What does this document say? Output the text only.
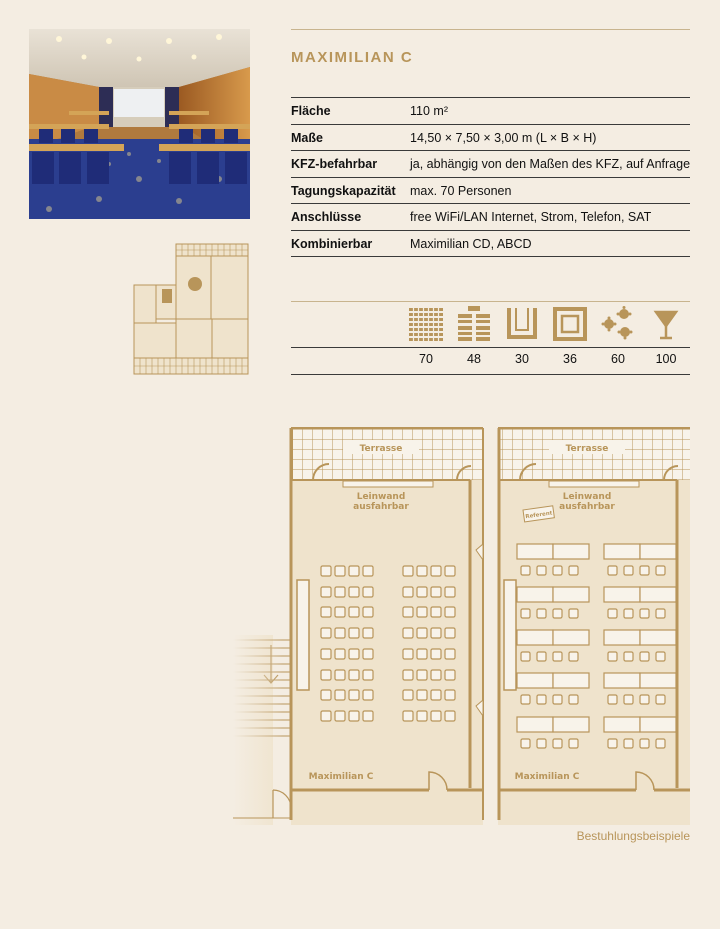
MAXIMILIAN C
Fläche	110 m²
Maße	14,50 × 7,50 × 3,00 m (L × B × H)
KFZ-befahrbar	ja, abhängig von den Maßen des KFZ, auf Anfrage
Tagungskapazität max. 70 Personen
Anschlüsse	free WiFi/LAN Internet, Strom, Telefon, SAT
Kombinierbar	Maximilian CD, ABCD
70	48	30	36	60	100
Terrasse
Leinwand
ausfahrbar
Maximilian C
Terrasse
Leinwand
ausfahrbar
Referent
Maximilian C
Bestuhlungsbeispiele
